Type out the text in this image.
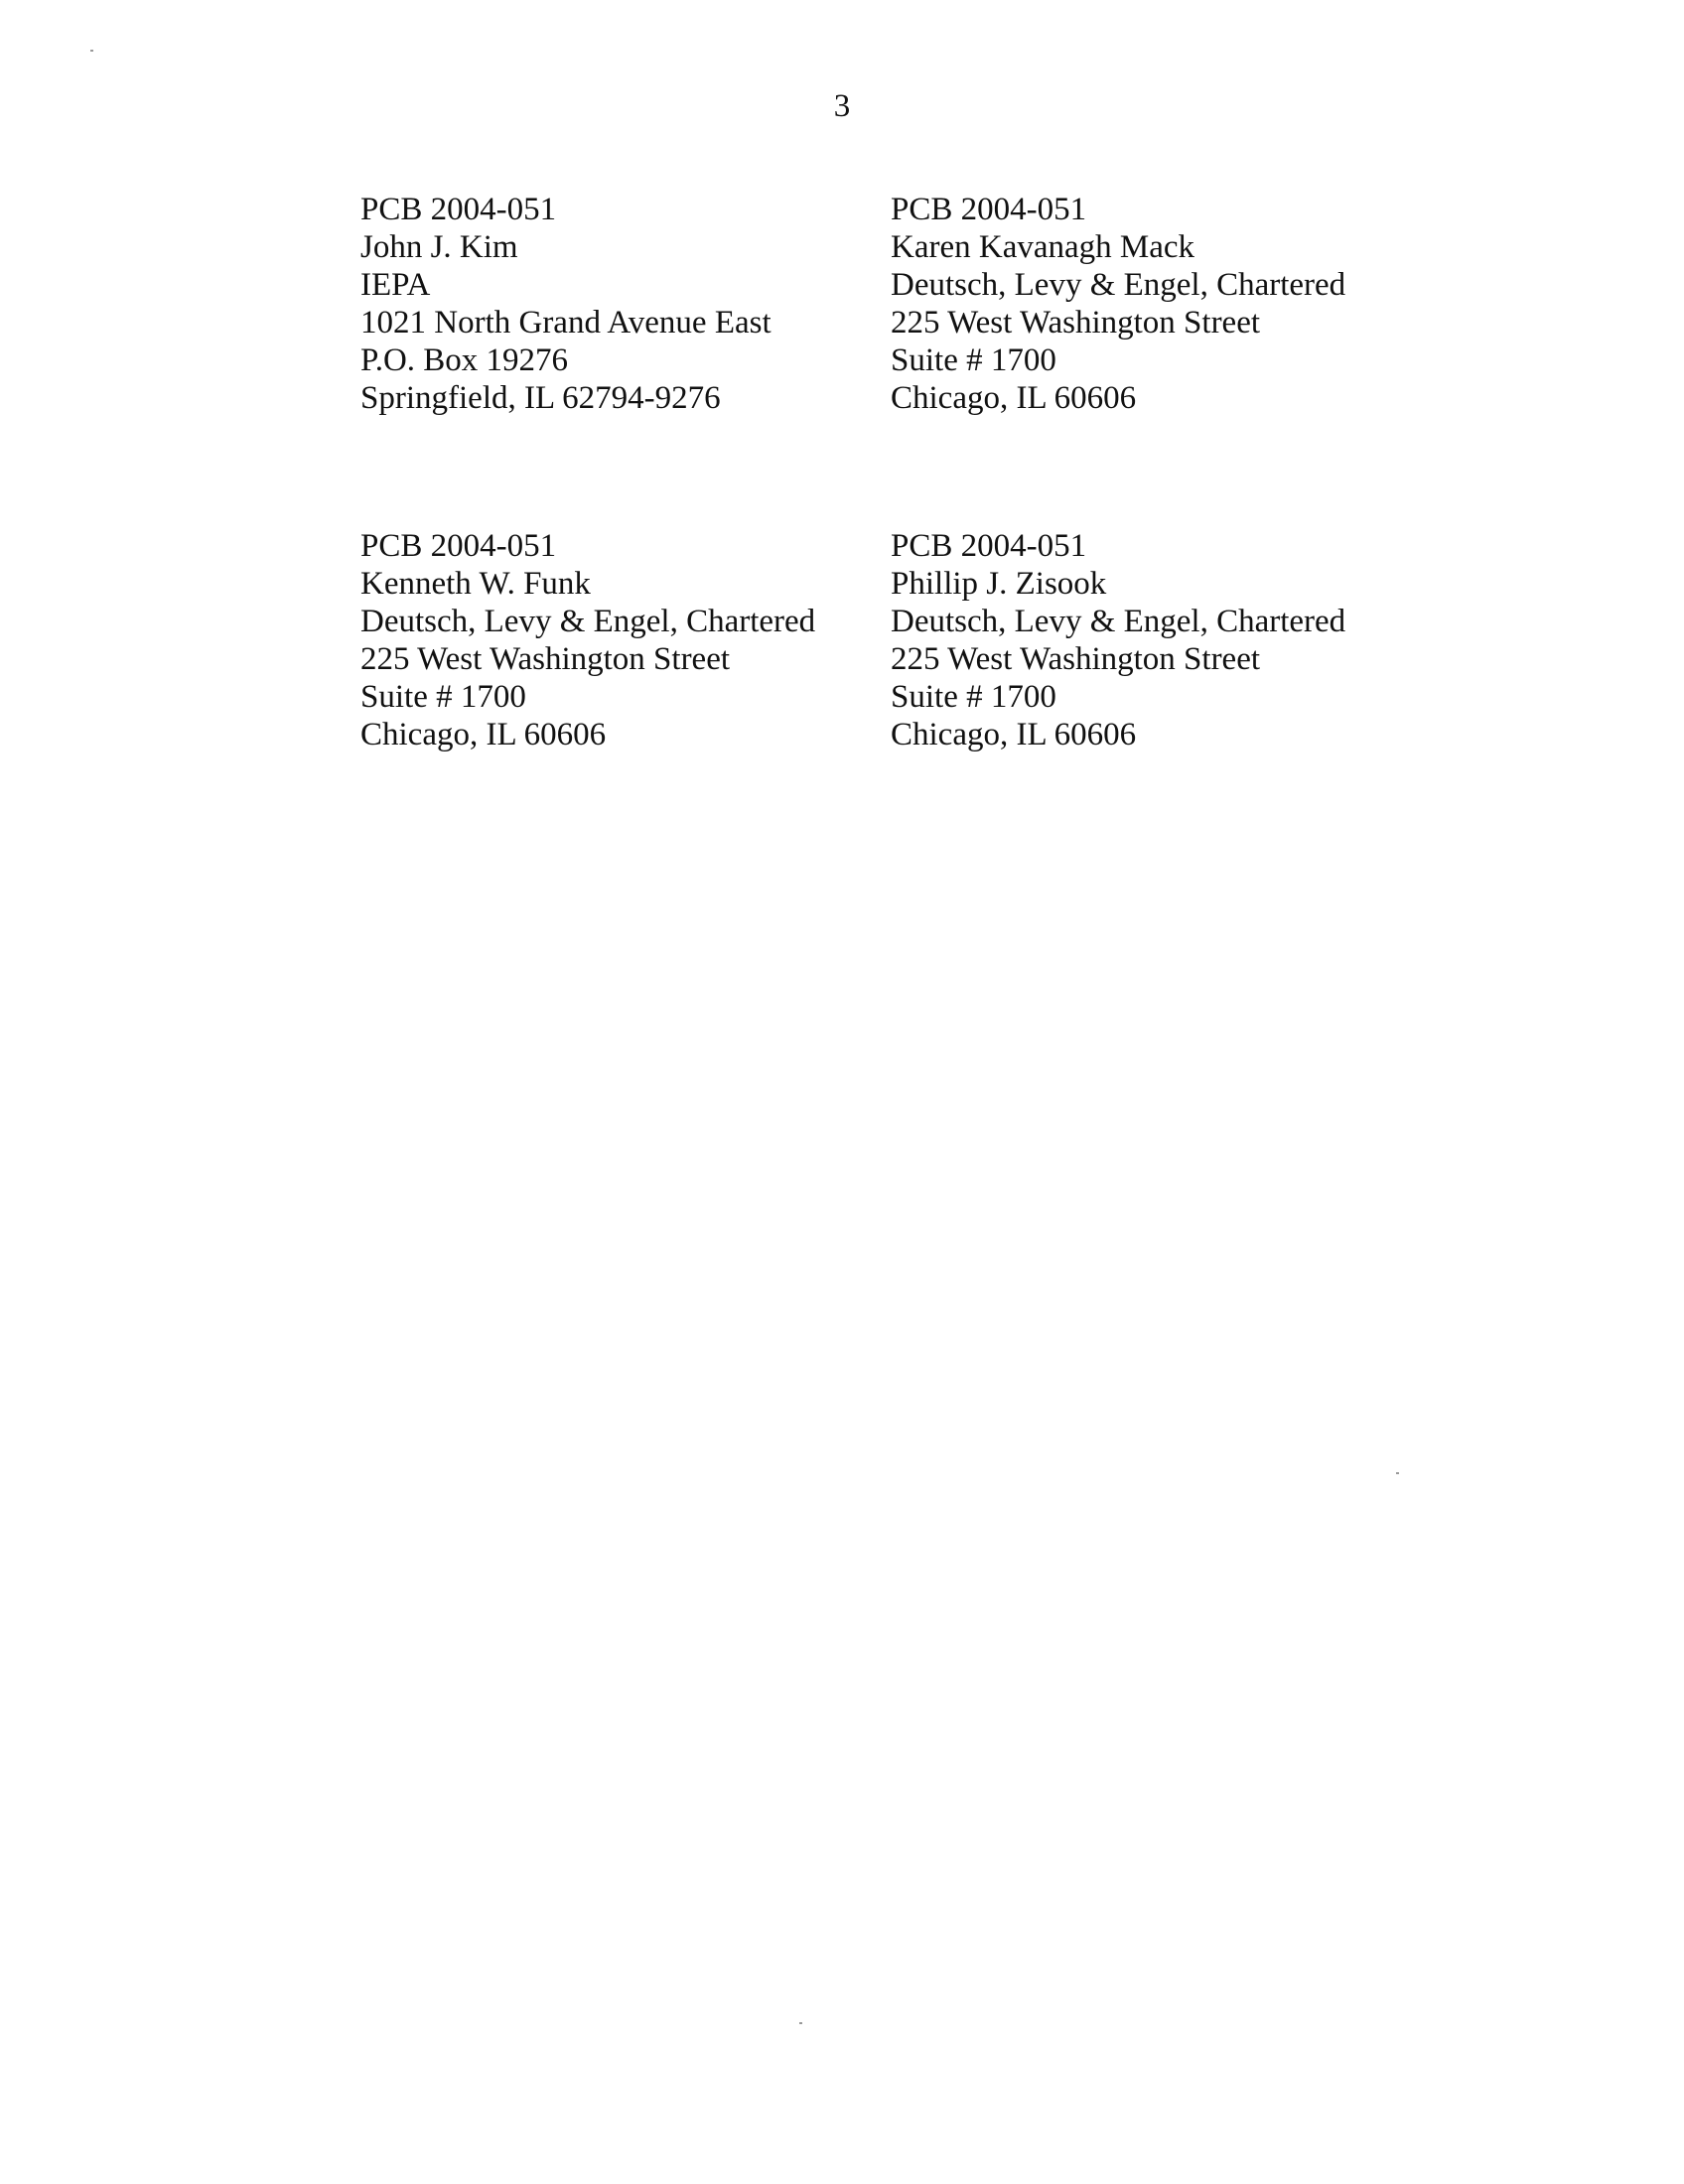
3
PCB 2004-051
John J. Kim
IEPA
1021 North Grand Avenue East
P.O. Box 19276
Springfield, IL 62794-9276
PCB 2004-051
Karen Kavanagh Mack
Deutsch, Levy & Engel, Chartered
225 West Washington Street
Suite # 1700
Chicago, IL 60606
PCB 2004-051
Kenneth W. Funk
Deutsch, Levy & Engel, Chartered
225 West Washington Street
Suite # 1700
Chicago, IL 60606
PCB 2004-051
Phillip J. Zisook
Deutsch, Levy & Engel, Chartered
225 West Washington Street
Suite # 1700
Chicago, IL 60606
